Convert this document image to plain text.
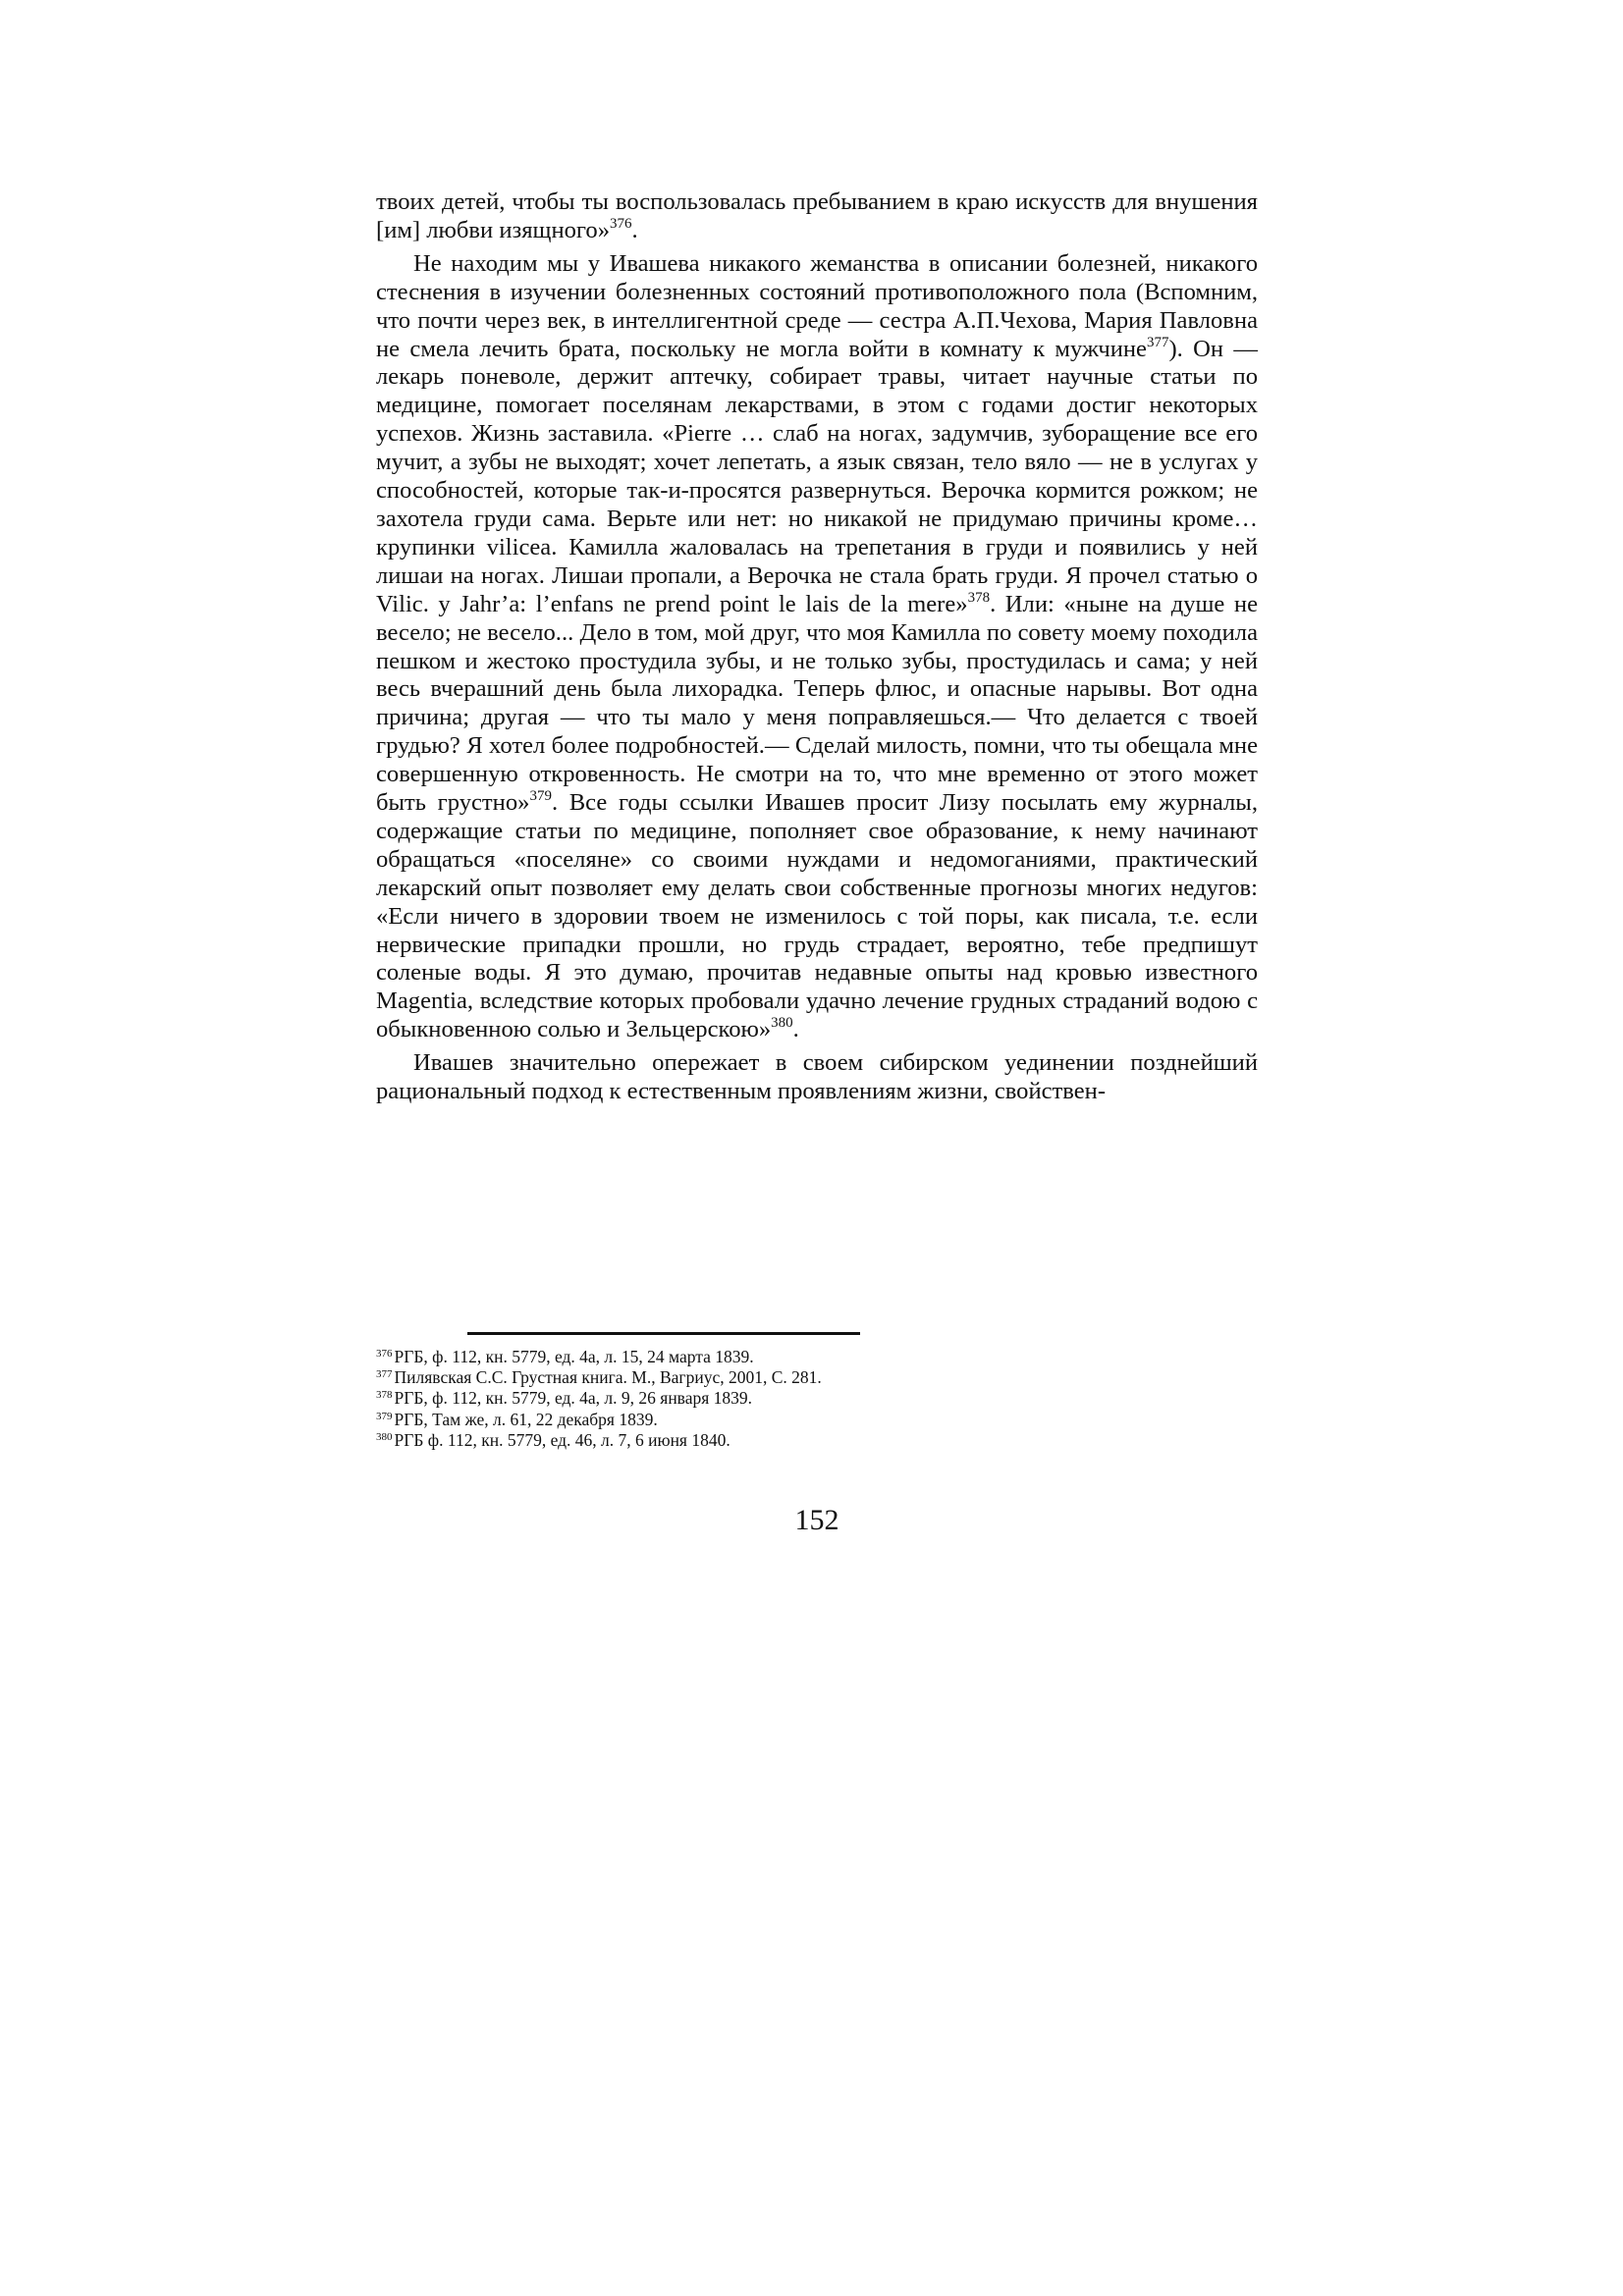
твоих детей, чтобы ты воспользовалась пребыванием в краю искусств для внушения [им] любви изящного»$^{376}$.

Не находим мы у Ивашева никакого жеманства в описании болезней, никакого стеснения в изучении болезненных состояний противоположного пола (Вспомним, что почти через век, в интеллигентной среде — сестра А.П.Чехова, Мария Павловна не смела лечить брата, поскольку не могла войти в комнату к мужчине$^{377}$). Он — лекарь поневоле, держит аптечку, собирает травы, читает научные статьи по медицине, помогает поселянам лекарствами, в этом с годами достиг некоторых успехов. Жизнь заставила. «Pierre … слаб на ногах, задумчив, зуборащение все его мучит, а зубы не выходят; хочет лепетать, а язык связан, тело вяло — не в услугах у способностей, которые так-и-просятся развернуться. Верочка кормится рожком; не захотела груди сама. Верьте или нет: но никакой не придумаю причины кроме… крупинки vilicea. Камилла жаловалась на трепетания в груди и появились у ней лишаи на ногах. Лишаи пропали, а Верочка не стала брать груди. Я прочел статью о Vilic. у Jahr’a: l’enfans ne prend point le lais de la mere»$^{378}$. Или: «ныне на душе не весело; не весело... Дело в том, мой друг, что моя Камилла по совету моему походила пешком и жестоко простудила зубы, и не только зубы, простудилась и сама; у ней весь вчерашний день была лихорадка. Теперь флюс, и опасные нарывы. Вот одна причина; другая — что ты мало у меня поправляешься.— Что делается с твоей грудью? Я хотел более подробностей.— Сделай милость, помни, что ты обещала мне совершенную откровенность. Не смотри на то, что мне временно от этого может быть грустно»$^{379}$. Все годы ссылки Ивашев просит Лизу посылать ему журналы, содержащие статьи по медицине, пополняет свое образование, к нему начинают обращаться «поселяне» со своими нуждами и недомоганиями, практический лекарский опыт позволяет ему делать свои собственные прогнозы многих недугов: «Если ничего в здоровии твоем не изменилось с той поры, как писала, т.е. если нервические припадки прошли, но грудь страдает, вероятно, тебе предпишут соленые воды. Я это думаю, прочитав недавные опыты над кровью известного Magentia, вследствие которых пробовали удачно лечение грудных страданий водою с обыкновенною солью и Зельцерскою»$^{380}$.

Ивашев значительно опережает в своем сибирском уединении позднейший рациональный подход к естественным проявлениям жизни, свойствен-

$^{376}$ РГБ, ф. 112, кн. 5779, ед. 4а, л. 15, 24 марта 1839.
$^{377}$ Пилявская С.С. Грустная книга. М., Вагриус, 2001, С. 281.
$^{378}$ РГБ, ф. 112, кн. 5779, ед. 4а, л. 9, 26 января 1839.
$^{379}$ РГБ, Там же, л. 61, 22 декабря 1839.
$^{380}$ РГБ ф. 112, кн. 5779, ед. 46, л. 7, 6 июня 1840.
152
